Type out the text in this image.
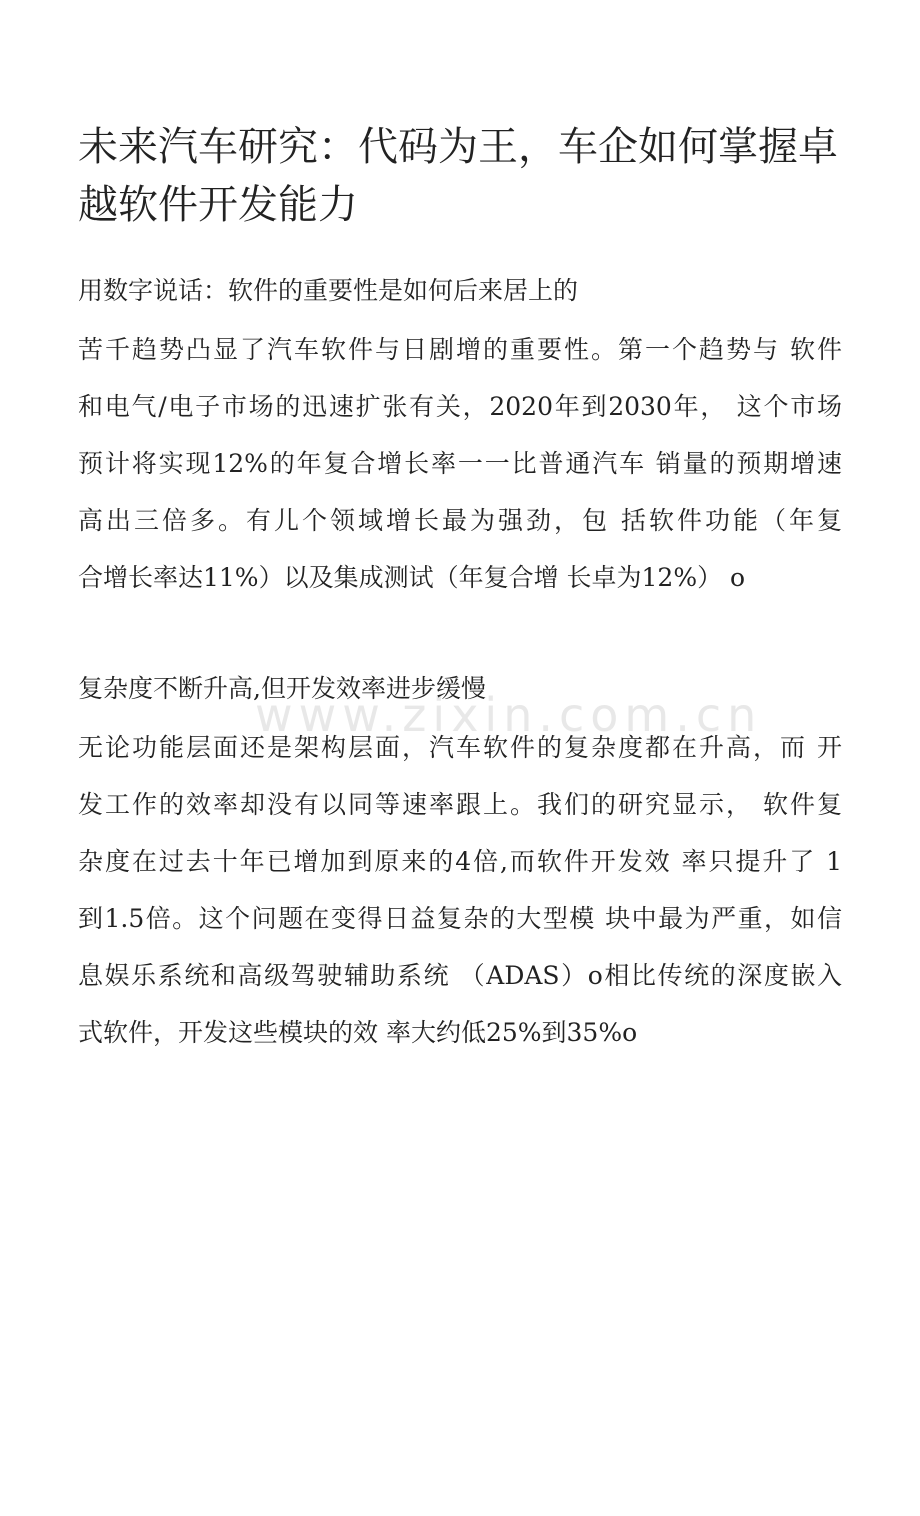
www.zixin.com.cn
未来汽车研究：代码为王，车企如何掌握卓越软件开发能力
用数字说话：软件的重要性是如何后来居上的
苦千趋势凸显了汽车软件与日剧增的重要性。第一个趋势与 软件
和电气/电子市场的迅速扩张有关，2020年到2030年， 这个市场
预计将实现12%的年复合增长率一一比普通汽车 销量的预期增速
高出三倍多。有儿个领域增长最为强劲，包 括软件功能（年复
合增长率达11%）以及集成测试（年复合增 长卓为12%） o
复杂度不断升高,但开发效率进步缓慢
无论功能层面还是架构层面，汽车软件的复杂度都在升高，而 开
发工作的效率却没有以同等速率跟上。我们的研究显示， 软件复
杂度在过去十年已增加到原来的4倍,而软件开发效 率只提升了 1
到1.5倍。这个问题在变得日益复杂的大型模 块中最为严重，如信
息娱乐系统和高级驾驶辅助系统 （ADAS）o相比传统的深度嵌入
式软件，开发这些模块的效 率大约低25%到35%o
